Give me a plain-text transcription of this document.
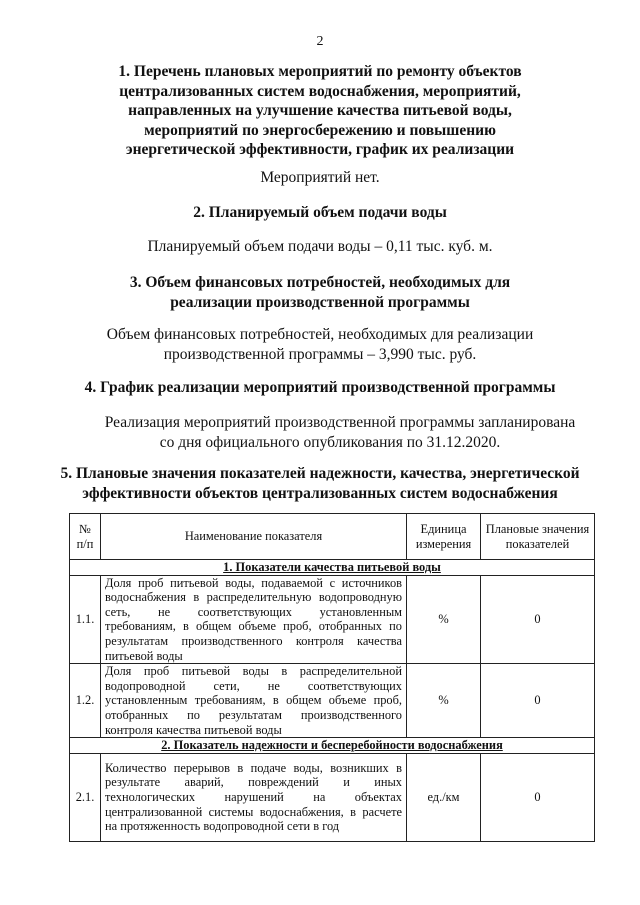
2
1. Перечень плановых мероприятий по ремонту объектов
централизованных систем водоснабжения, мероприятий,
направленных на улучшение качества питьевой воды,
мероприятий по энергосбережению и повышению
энергетической эффективности, график их реализации
Мероприятий нет.
2. Планируемый объем подачи воды
Планируемый объем подачи воды – 0,11 тыс. куб. м.
3. Объем финансовых потребностей, необходимых для
реализации производственной программы
Объем финансовых потребностей, необходимых для реализации
производственной программы – 3,990 тыс. руб.
4. График реализации мероприятий производственной программы
Реализация мероприятий производственной программы запланирована
со дня официального опубликования по 31.12.2020.
5. Плановые значения показателей надежности, качества, энергетической
эффективности объектов централизованных систем водоснабжения
№ п/п	Наименование показателя	Единица измерения	Плановые значения показателей
1. Показатели качества питьевой воды			
1.1.	Доля проб питьевой воды, подаваемой с источников водоснабжения в распределительную водопроводную сеть, не соответствующих установленным требованиям, в общем объеме проб, отобранных по результатам производственного контроля качества питьевой воды	%	0
1.2.	Доля проб питьевой воды в распределительной водопроводной сети, не соответствующих установленным требованиям, в общем объеме проб, отобранных по результатам производственного контроля качества питьевой воды	%	0
2. Показатель надежности и бесперебойности водоснабжения			
2.1.	Количество перерывов в подаче воды, возникших в результате аварий, повреждений и иных технологических нарушений на объектах централизованной системы водоснабжения, в расчете на протяженность водопроводной сети в год	ед./км	0
